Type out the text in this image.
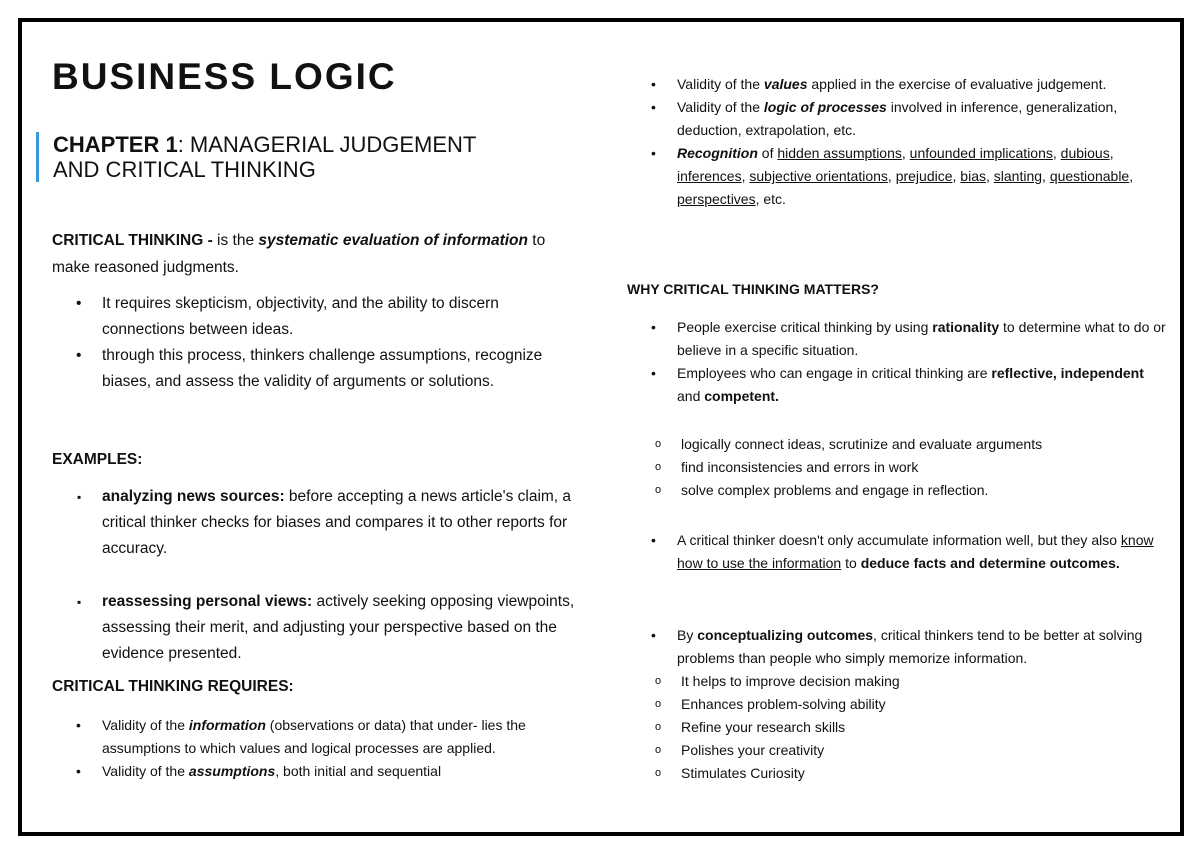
BUSINESS LOGIC
CHAPTER 1: MANAGERIAL JUDGEMENT
AND CRITICAL THINKING
CRITICAL THINKING - is the systematic evaluation of information to make reasoned judgments.
• It requires skepticism, objectivity, and the ability to discern connections between ideas.
• through this process, thinkers challenge assumptions, recognize biases, and assess the validity of arguments or solutions.
EXAMPLES:
▪ analyzing news sources: before accepting a news article's claim, a critical thinker checks for biases and compares it to other reports for accuracy.
▪ reassessing personal views: actively seeking opposing viewpoints, assessing their merit, and adjusting your perspective based on the evidence presented.
CRITICAL THINKING REQUIRES:
• Validity of the information (observations or data) that under- lies the assumptions to which values and logical processes are applied.
• Validity of the assumptions, both initial and sequential
• Validity of the values applied in the exercise of evaluative judgement.
• Validity of the logic of processes involved in inference, generalization, deduction, extrapolation, etc.
• Recognition of hidden assumptions, unfounded implications, dubious, inferences, subjective orientations, prejudice, bias, slanting, questionable, perspectives, etc.
WHY CRITICAL THINKING MATTERS?
• People exercise critical thinking by using rationality to determine what to do or believe in a specific situation.
• Employees who can engage in critical thinking are reflective, independent and competent.
o logically connect ideas, scrutinize and evaluate arguments
o find inconsistencies and errors in work
o solve complex problems and engage in reflection.
• A critical thinker doesn't only accumulate information well, but they also know how to use the information to deduce facts and determine outcomes.
• By conceptualizing outcomes, critical thinkers tend to be better at solving problems than people who simply memorize information.
o It helps to improve decision making
o Enhances problem-solving ability
o Refine your research skills
o Polishes your creativity
o Stimulates Curiosity
